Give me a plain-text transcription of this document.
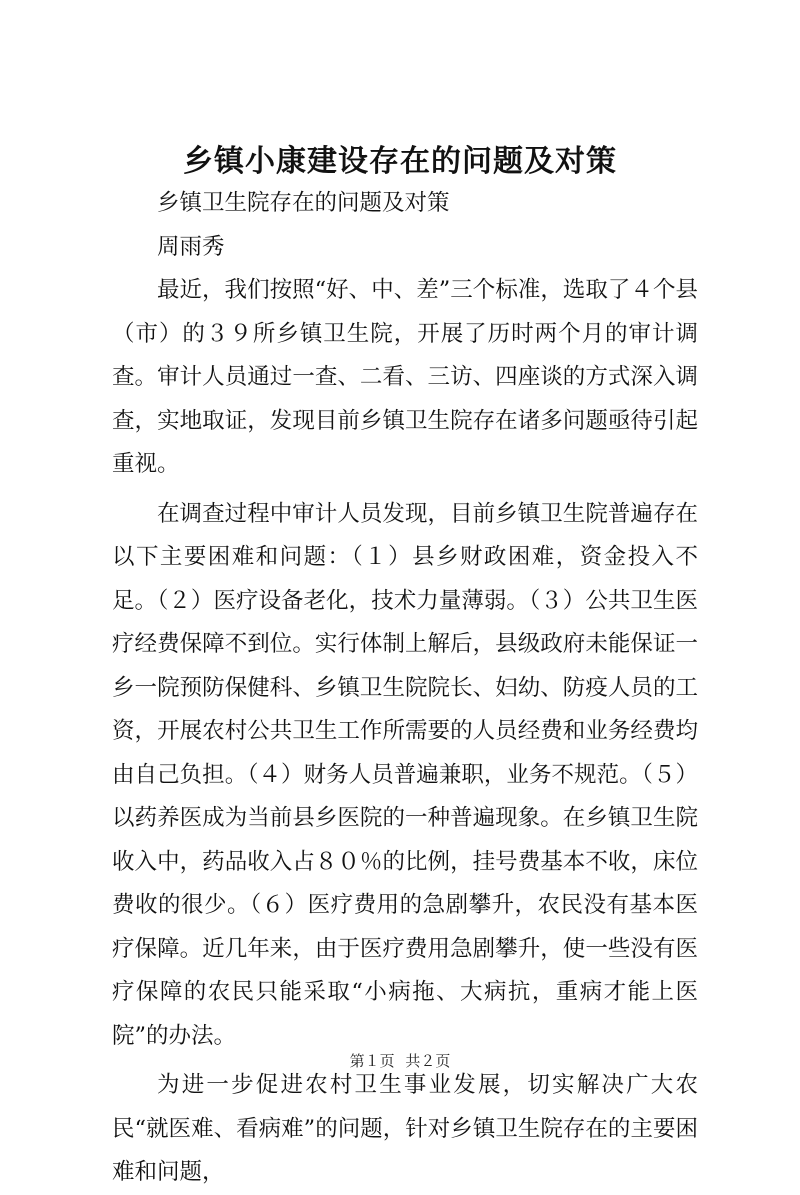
乡镇小康建设存在的问题及对策

乡镇卫生院存在的问题及对策

周雨秀

最近，我们按照“好、中、差”三个标准，选取了４个县（市）的３９所乡镇卫生院，开展了历时两个月的审计调查。审计人员通过一查、二看、三访、四座谈的方式深入调查，实地取证，发现目前乡镇卫生院存在诸多问题亟待引起重视。

在调查过程中审计人员发现，目前乡镇卫生院普遍存在以下主要困难和问题：（１）县乡财政困难，资金投入不足。（２）医疗设备老化，技术力量薄弱。（３）公共卫生医疗经费保障不到位。实行体制上解后，县级政府未能保证一乡一院预防保健科、乡镇卫生院院长、妇幼、防疫人员的工资，开展农村公共卫生工作所需要的人员经费和业务经费均由自己负担。（４）财务人员普遍兼职，业务不规范。（５）以药养医成为当前县乡医院的一种普遍现象。在乡镇卫生院收入中，药品收入占８０％的比例，挂号费基本不收，床位费收的很少。（６）医疗费用的急剧攀升，农民没有基本医疗保障。近几年来，由于医疗费用急剧攀升，使一些没有医疗保障的农民只能采取“小病拖、大病抗，重病才能上医院”的办法。

为进一步促进农村卫生事业发展，切实解决广大农民“就医难、看病难”的问题，针对乡镇卫生院存在的主要困难和问题，

第１页 共２页
